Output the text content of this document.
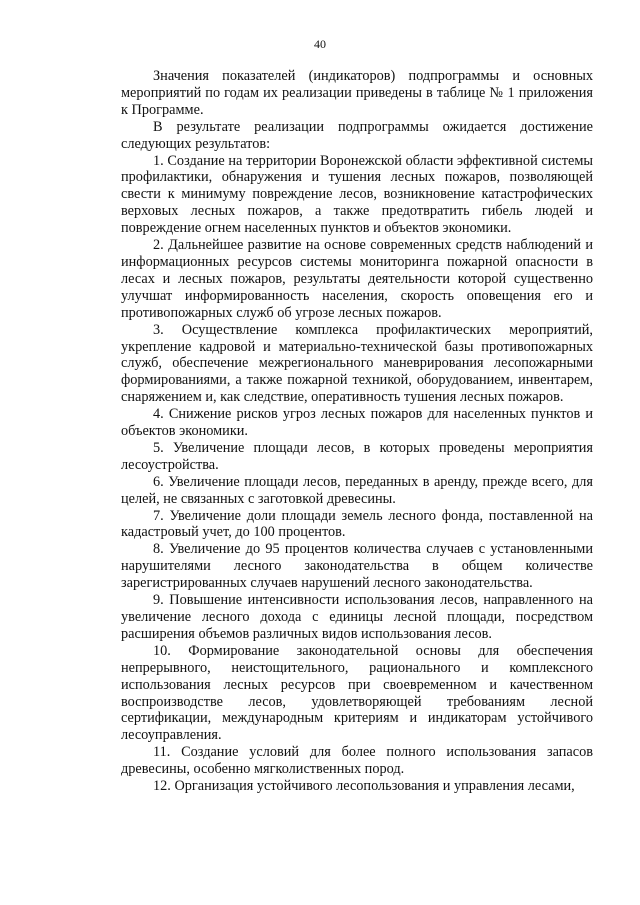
40

Значения показателей (индикаторов) подпрограммы и основных мероприятий по годам их реализации приведены в таблице № 1 приложения к Программе.

В результате реализации подпрограммы ожидается достижение следующих результатов:

1. Создание на территории Воронежской области эффективной системы профилактики, обнаружения и тушения лесных пожаров, позволяющей свести к минимуму повреждение лесов, возникновение катастрофических верховых лесных пожаров, а также предотвратить гибель людей и повреждение огнем населенных пунктов и объектов экономики.

2. Дальнейшее развитие на основе современных средств наблюдений и информационных ресурсов системы мониторинга пожарной опасности в лесах и лесных пожаров, результаты деятельности которой существенно улучшат информированность населения, скорость оповещения его и противопожарных служб об угрозе лесных пожаров.

3. Осуществление комплекса профилактических мероприятий, укрепление кадровой и материально-технической базы противопожарных служб, обеспечение межрегионального маневрирования лесопожарными формированиями, а также пожарной техникой, оборудованием, инвентарем, снаряжением и, как следствие, оперативность тушения лесных пожаров.

4. Снижение рисков угроз лесных пожаров для населенных пунктов и объектов экономики.

5. Увеличение площади лесов, в которых проведены мероприятия лесоустройства.

6. Увеличение площади лесов, переданных в аренду, прежде всего, для целей, не связанных с заготовкой древесины.

7. Увеличение доли площади земель лесного фонда, поставленной на кадастровый учет, до 100 процентов.

8. Увеличение до 95 процентов количества случаев с установленными нарушителями лесного законодательства в общем количестве зарегистрированных случаев нарушений лесного законодательства.

9. Повышение интенсивности использования лесов, направленного на увеличение лесного дохода с единицы лесной площади, посредством расширения объемов различных видов использования лесов.

10. Формирование законодательной основы для обеспечения непрерывного, неистощительного, рационального и комплексного использования лесных ресурсов при своевременном и качественном воспроизводстве лесов, удовлетворяющей требованиям лесной сертификации, международным критериям и индикаторам устойчивого лесоуправления.

11. Создание условий для более полного использования запасов древесины, особенно мягколиственных пород.

12. Организация устойчивого лесопользования и управления лесами,
